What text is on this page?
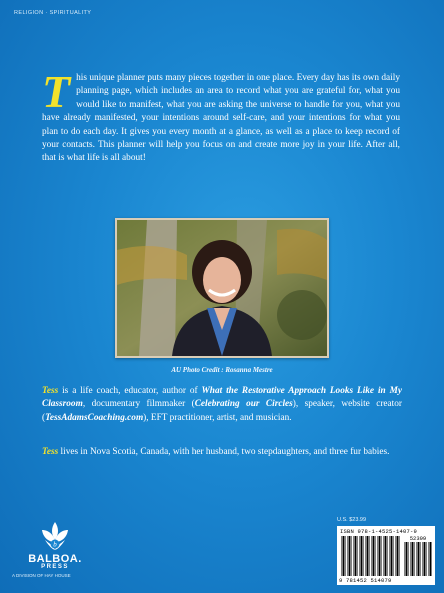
RELIGION · SPIRITUALITY
This unique planner puts many pieces together in one place. Every day has its own daily planning page, which includes an area to record what you are grateful for, what you would like to manifest, what you are asking the universe to handle for you, what you have already manifested, your intentions around self-care, and your intentions for what you plan to do each day. It gives you every month at a glance, as well as a place to keep record of your contacts. This planner will help you focus on and create more joy in your life. After all, that is what life is all about!
AU Photo Credit : Rosanna Mestre
Tess is a life coach, educator, author of What the Restorative Approach Looks Like in My Classroom, documentary filmmaker (Celebrating our Circles), speaker, website creator (TessAdamsCoaching.com), EFT practitioner, artist, and musician.
Tess lives in Nova Scotia, Canada, with her husband, two stepdaughters, and three fur babies.
b
BALBOA.
PRESS
A DIVISION OF HAY HOUSE
U.S. $23.99
ISBN 978-1-4525-1407-9
52399
9 781452 514079
